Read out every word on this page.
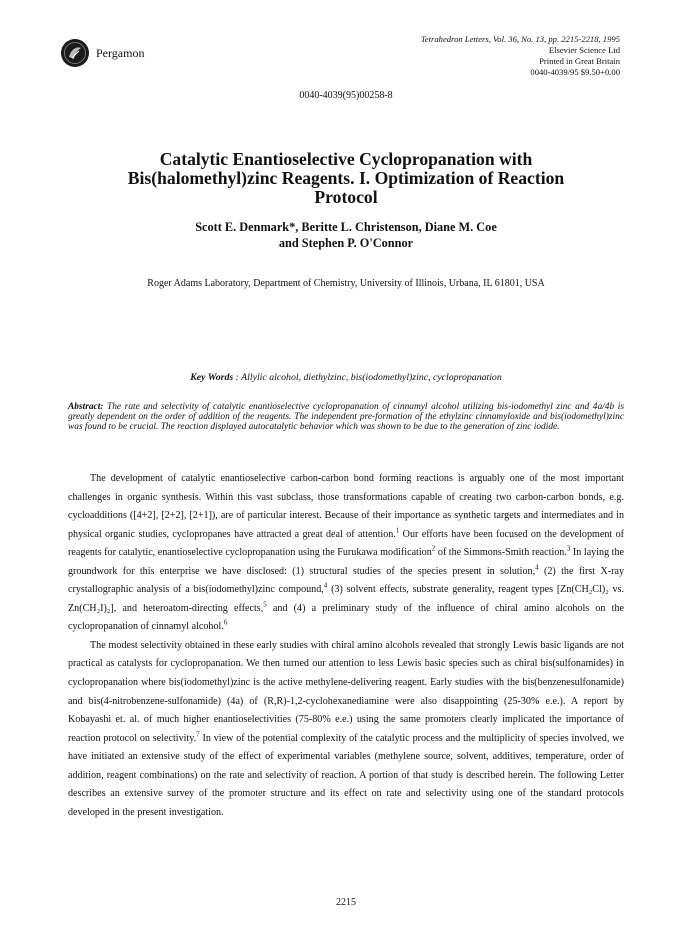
Pergamon
Tetrahedron Letters, Vol. 36, No. 13, pp. 2215-2218, 1995
Elsevier Science Ltd
Printed in Great Britain
0040-4039/95 $9.50+0.00
0040-4039(95)00258-8
Catalytic Enantioselective Cyclopropanation with
Bis(halomethyl)zinc Reagents. I. Optimization of Reaction
Protocol
Scott E. Denmark*, Beritte L. Christenson, Diane M. Coe
and Stephen P. O'Connor
Roger Adams Laboratory, Department of Chemistry, University of Illinois, Urbana, IL 61801, USA
Key Words : Allylic alcohol, diethylzinc, bis(iodomethyl)zinc, cyclopropanation
Abstract: The rate and selectivity of catalytic enantioselective cyclopropanation of cinnamyl alcohol utilizing bis-iodomethyl zinc and 4a/4b is greatly dependent on the order of addition of the reagents. The independent pre-formation of the ethylzinc cinnamyloxide and bis(iodomethyl)zinc was found to be crucial. The reaction displayed autocatalytic behavior which was shown to be due to the generation of zinc iodide.

The development of catalytic enantioselective carbon-carbon bond forming reactions is arguably one of the most important challenges in organic synthesis. Within this vast subclass, those transformations capable of creating two carbon-carbon bonds, e.g. cycloadditions ([4+2], [2+2], [2+1]), are of particular interest. Because of their importance as synthetic targets and intermediates and in physical organic studies, cyclopropanes have attracted a great deal of attention.$^1$ Our efforts have been focused on the development of reagents for catalytic, enantioselective cyclopropanation using the Furukawa modification$^2$ of the Simmons-Smith reaction.$^3$ In laying the groundwork for this enterprise we have disclosed: (1) structural studies of the species present in solution,$^4$ (2) the first X-ray crystallographic analysis of a bis(iodomethyl)zinc compound,$^4$ (3) solvent effects, substrate generality, reagent types [Zn(CH₂Cl)₂ vs. Zn(CH₂I)₂], and heteroatom-directing effects,$^5$ and (4) a preliminary study of the influence of chiral amino alcohols on the cyclopropanation of cinnamyl alcohol.$^6$

The modest selectivity obtained in these early studies with chiral amino alcohols revealed that strongly Lewis basic ligands are not practical as catalysts for cyclopropanation. We then turned our attention to less Lewis basic species such as chiral bis(sulfonamides) in cyclopropanation where bis(iodomethyl)zinc is the active methylene-delivering reagent. Early studies with the bis(benzenesulfonamide) and bis(4-nitrobenzene-sulfonamide) (4a) of (R,R)-1,2-cyclohexanediamine were also disappointing (25-30% e.e.). A report by Kobayashi et. al. of much higher enantioselectivities (75-80% e.e.) using the same promoters clearly implicated the importance of reaction protocol on selectivity.$^7$ In view of the potential complexity of the catalytic process and the multiplicity of species involved, we have initiated an extensive study of the effect of experimental variables (methylene source, solvent, additives, temperature, order of addition, reagent combinations) on the rate and selectivity of reaction. A portion of that study is described herein. The following Letter describes an extensive survey of the promoter structure and its effect on rate and selectivity using one of the standard protocols developed in the present investigation.

2215
